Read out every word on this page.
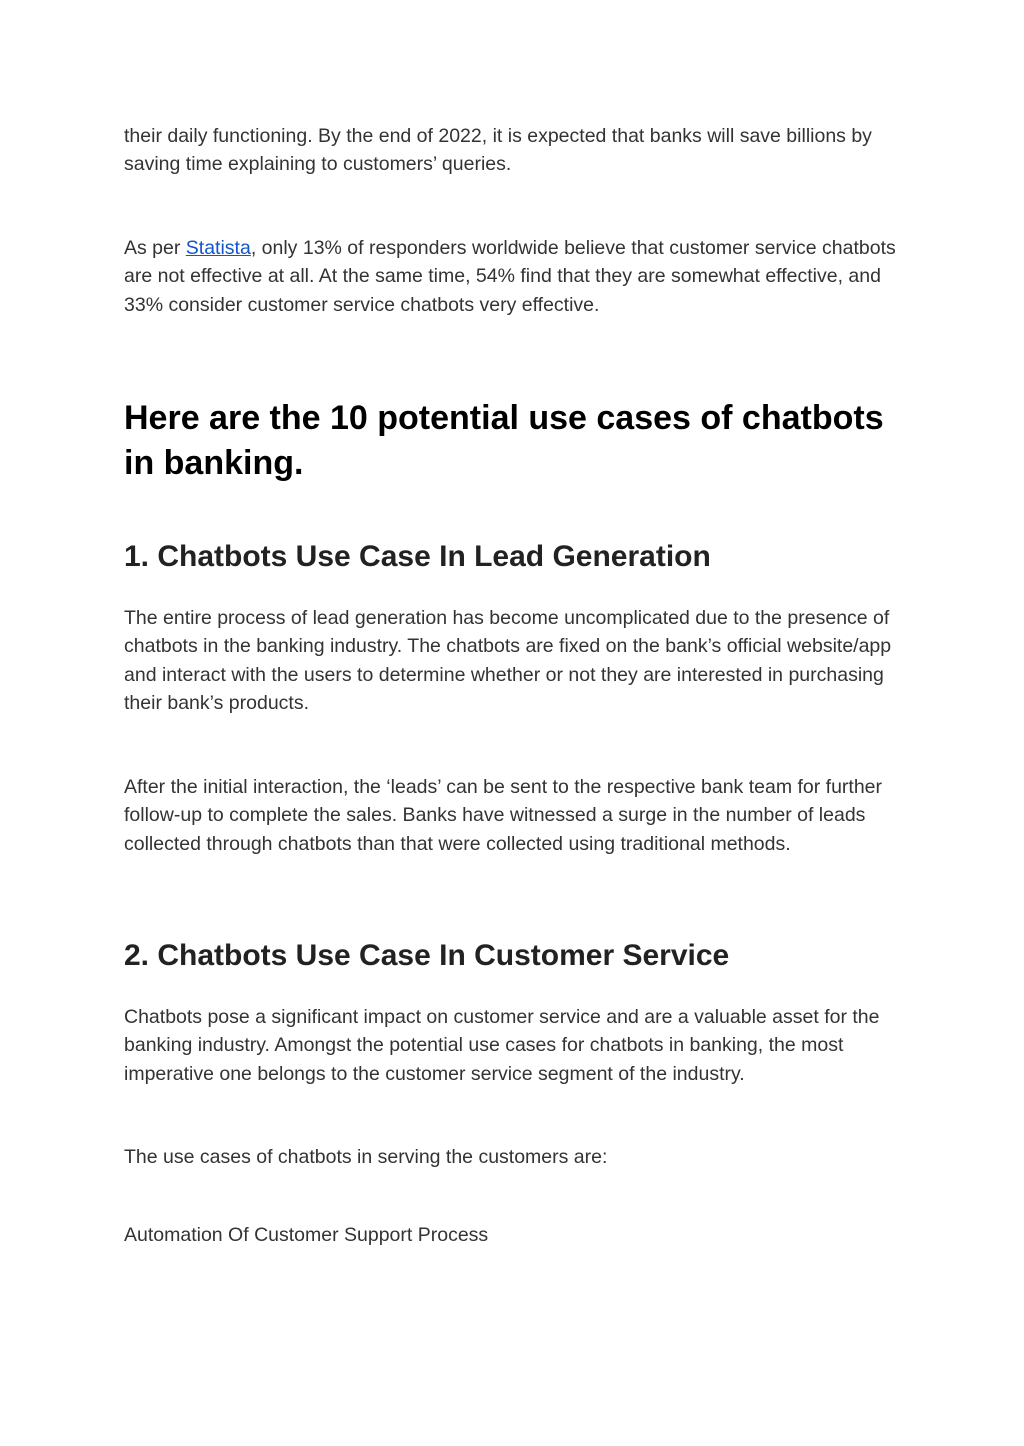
their daily functioning. By the end of 2022, it is expected that banks will save billions by saving time explaining to customers’ queries.

As per Statista, only 13% of responders worldwide believe that customer service chatbots are not effective at all. At the same time, 54% find that they are somewhat effective, and 33% consider customer service chatbots very effective.

Here are the 10 potential use cases of chatbots in banking.
1. Chatbots Use Case In Lead Generation

The entire process of lead generation has become uncomplicated due to the presence of chatbots in the banking industry. The chatbots are fixed on the bank’s official website/app and interact with the users to determine whether or not they are interested in purchasing their bank’s products.

After the initial interaction, the ‘leads’ can be sent to the respective bank team for further follow-up to complete the sales. Banks have witnessed a surge in the number of leads collected through chatbots than that were collected using traditional methods.

2. Chatbots Use Case In Customer Service

Chatbots pose a significant impact on customer service and are a valuable asset for the banking industry. Amongst the potential use cases for chatbots in banking, the most imperative one belongs to the customer service segment of the industry.

The use cases of chatbots in serving the customers are:

Automation Of Customer Support Process
